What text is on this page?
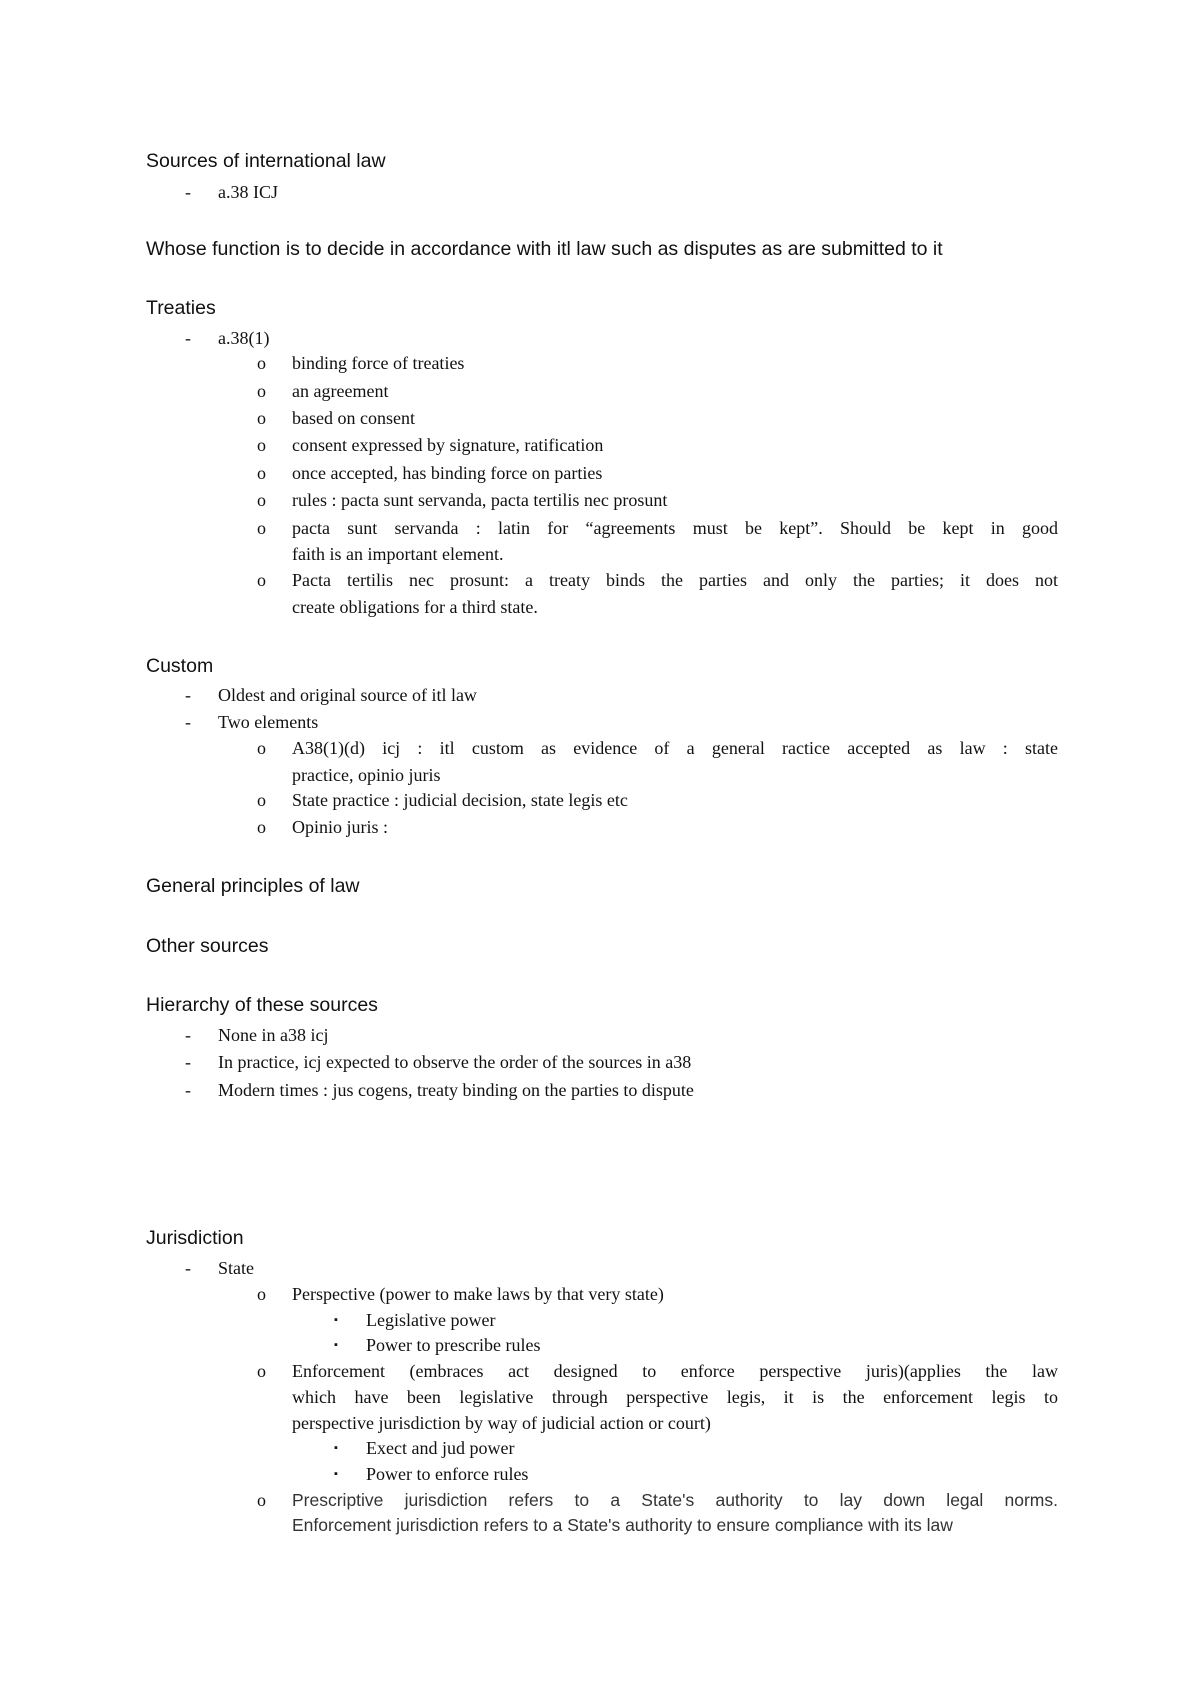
Sources of international law
- a.38 ICJ
Whose function is to decide in accordance with itl law such as disputes as are submitted to it
Treaties
- a.38(1)
o binding force of treaties
o an agreement
o based on consent
o consent expressed by signature, ratification
o once accepted, has binding force on parties
o rules : pacta sunt servanda, pacta tertilis nec prosunt
o pacta sunt servanda : latin for “agreements must be kept”. Should be kept in good
faith is an important element.
o Pacta tertilis nec prosunt: a treaty binds the parties and only the parties; it does not
create obligations for a third state.
Custom
- Oldest and original source of itl law
- Two elements
o A38(1)(d) icj : itl custom as evidence of a general ractice accepted as law : state
practice, opinio juris
o State practice : judicial decision, state legis etc
o Opinio juris :
General principles of law
Other sources
Hierarchy of these sources
- None in a38 icj
- In practice, icj expected to observe the order of the sources in a38
- Modern times : jus cogens, treaty binding on the parties to dispute
Jurisdiction
- State
o Perspective (power to make laws by that very state)
▪ Legislative power
▪ Power to prescribe rules
o Enforcement (embraces act designed to enforce perspective juris)(applies the law
which have been legislative through perspective legis, it is the enforcement legis to
perspective jurisdiction by way of judicial action or court)
▪ Exect and jud power
▪ Power to enforce rules
o Prescriptive jurisdiction refers to a State's authority to lay down legal norms.
Enforcement jurisdiction refers to a State's authority to ensure compliance with its law
